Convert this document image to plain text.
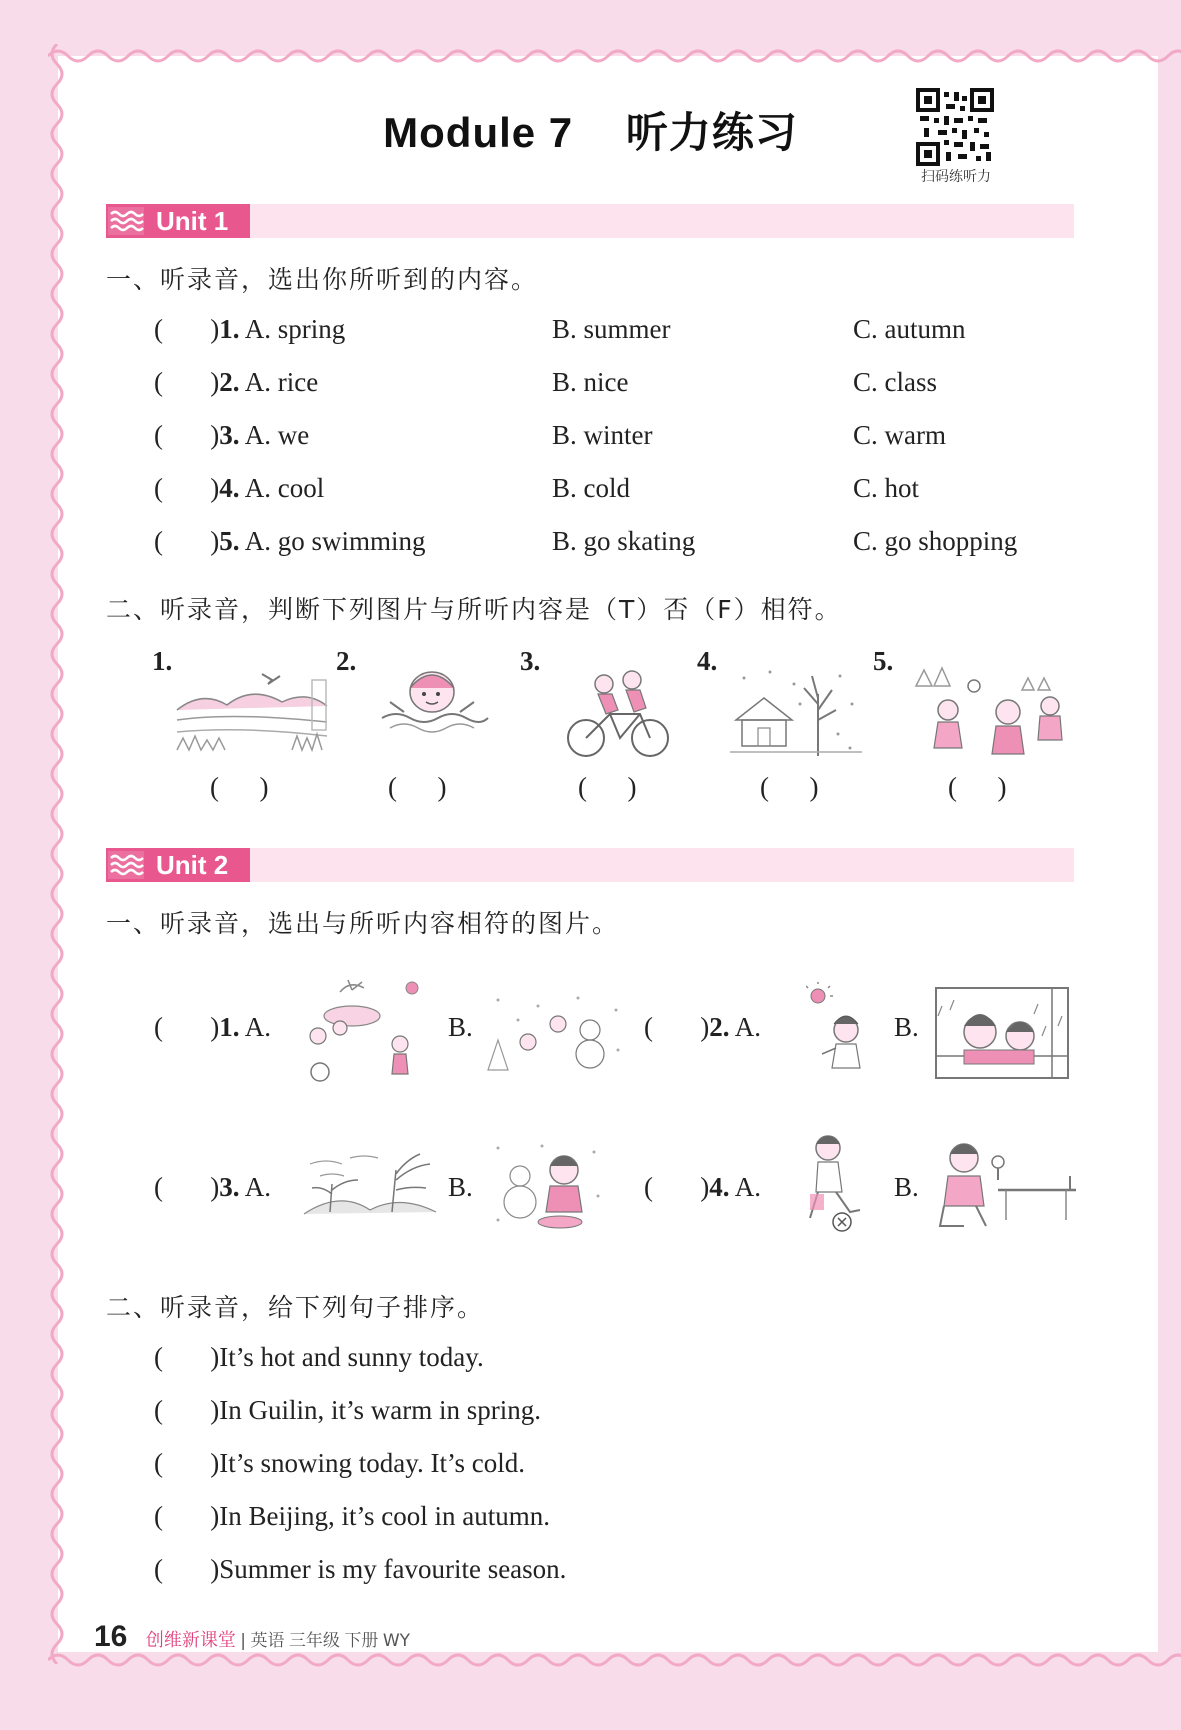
Module 7 听力练习
扫码练听力
Unit 1
一、听录音，选出你所听到的内容。
(       )1. A. spring	B. summer	C. autumn
(       )2. A. rice	B. nice	C. class
(       )3. A. we	B. winter	C. warm
(       )4. A. cool	B. cold	C. hot
(       )5. A. go swimming	B. go skating	C. go shopping
二、听录音，判断下列图片与所听内容是（T）否（F）相符。
1.
(      )
2.
(      )
3.
(      )
4.
(      )
5.
(      )
Unit 2
一、听录音，选出与所听内容相符的图片。
(       )1. A.	B.	(       )2. A.	B.
(       )3. A.	B.	(       )4. A.	B.
二、听录音，给下列句子排序。
(       )It’s hot and sunny today.
(       )In Guilin, it’s warm in spring.
(       )It’s snowing today. It’s cold.
(       )In Beijing, it’s cool in autumn.
(       )Summer is my favourite season.
16 创维新课堂 | 英语 三年级 下册 WY
